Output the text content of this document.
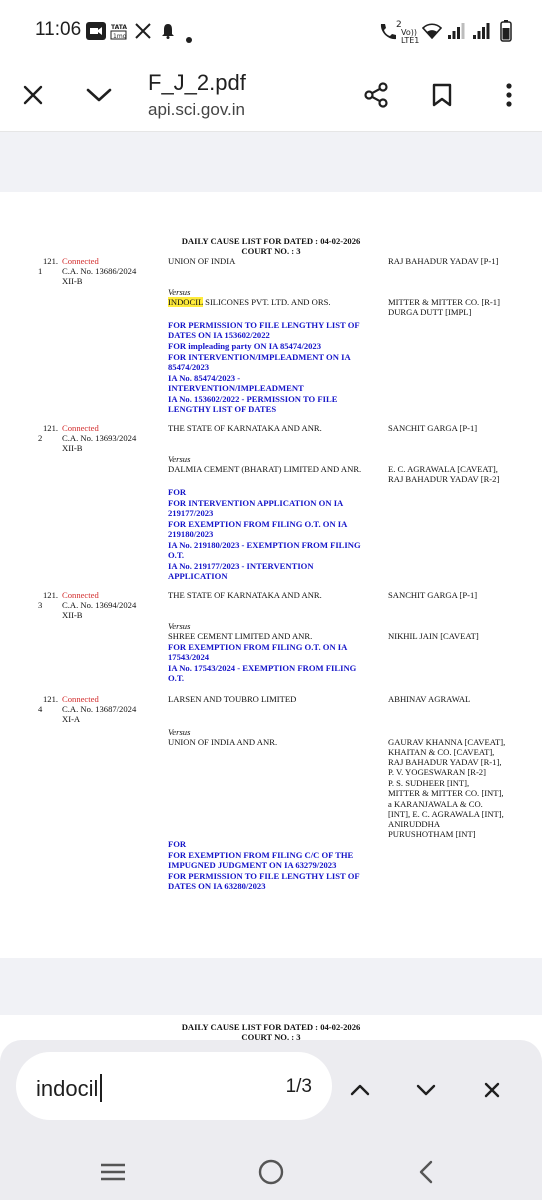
11:06	TATA
1mg
2
Vo)) LTE1
F_J_2.pdf
api.sci.gov.in
DAILY CAUSE LIST FOR DATED : 04-02-2026
COURT NO. : 3
121.
1
Connected
C.A. No. 13686/2024
XII-B
UNION OF INDIA	RAJ BAHADUR YADAV [P-1]
Versus
INDOCIL SILICONES PVT. LTD. AND ORS.	MITTER & MITTER CO. [R-1]
DURGA DUTT [IMPL]
FOR PERMISSION TO FILE LENGTHY LIST OF
DATES ON IA 153602/2022
FOR impleading party ON IA 85474/2023
FOR INTERVENTION/IMPLEADMENT ON IA
85474/2023
IA No. 85474/2023 -
INTERVENTION/IMPLEADMENT
IA No. 153602/2022 - PERMISSION TO FILE
LENGTHY LIST OF DATES
121.
2
Connected
C.A. No. 13693/2024
XII-B
THE STATE OF KARNATAKA AND ANR.	SANCHIT GARGA [P-1]
Versus
DALMIA CEMENT (BHARAT) LIMITED AND ANR.	E. C. AGRAWALA [CAVEAT],
RAJ BAHADUR YADAV [R-2]
FOR
FOR INTERVENTION APPLICATION ON IA
219177/2023
FOR EXEMPTION FROM FILING O.T. ON IA
219180/2023
IA No. 219180/2023 - EXEMPTION FROM FILING
O.T.
IA No. 219177/2023 - INTERVENTION
APPLICATION
121.
3
Connected
C.A. No. 13694/2024
XII-B
THE STATE OF KARNATAKA AND ANR.	SANCHIT GARGA [P-1]
Versus
SHREE CEMENT LIMITED AND ANR.	NIKHIL JAIN [CAVEAT]
FOR EXEMPTION FROM FILING O.T. ON IA
17543/2024
IA No. 17543/2024 - EXEMPTION FROM FILING
O.T.
121.
4
Connected
C.A. No. 13687/2024
XI-A
LARSEN AND TOUBRO LIMITED	ABHINAV AGRAWAL
Versus
UNION OF INDIA AND ANR.	GAURAV KHANNA [CAVEAT],
KHAITAN & CO. [CAVEAT],
RAJ BAHADUR YADAV [R-1],
P. V. YOGESWARAN [R-2]
P. S. SUDHEER [INT],
MITTER & MITTER CO. [INT],
a KARANJAWALA & CO.
[INT], E. C. AGRAWALA [INT],
ANIRUDDHA
PURUSHOTHAM [INT]
FOR
FOR EXEMPTION FROM FILING C/C OF THE
IMPUGNED JUDGMENT ON IA 63279/2023
FOR PERMISSION TO FILE LENGTHY LIST OF
DATES ON IA 63280/2023
DAILY CAUSE LIST FOR DATED : 04-02-2026
COURT NO. : 3
indocil	1/3
